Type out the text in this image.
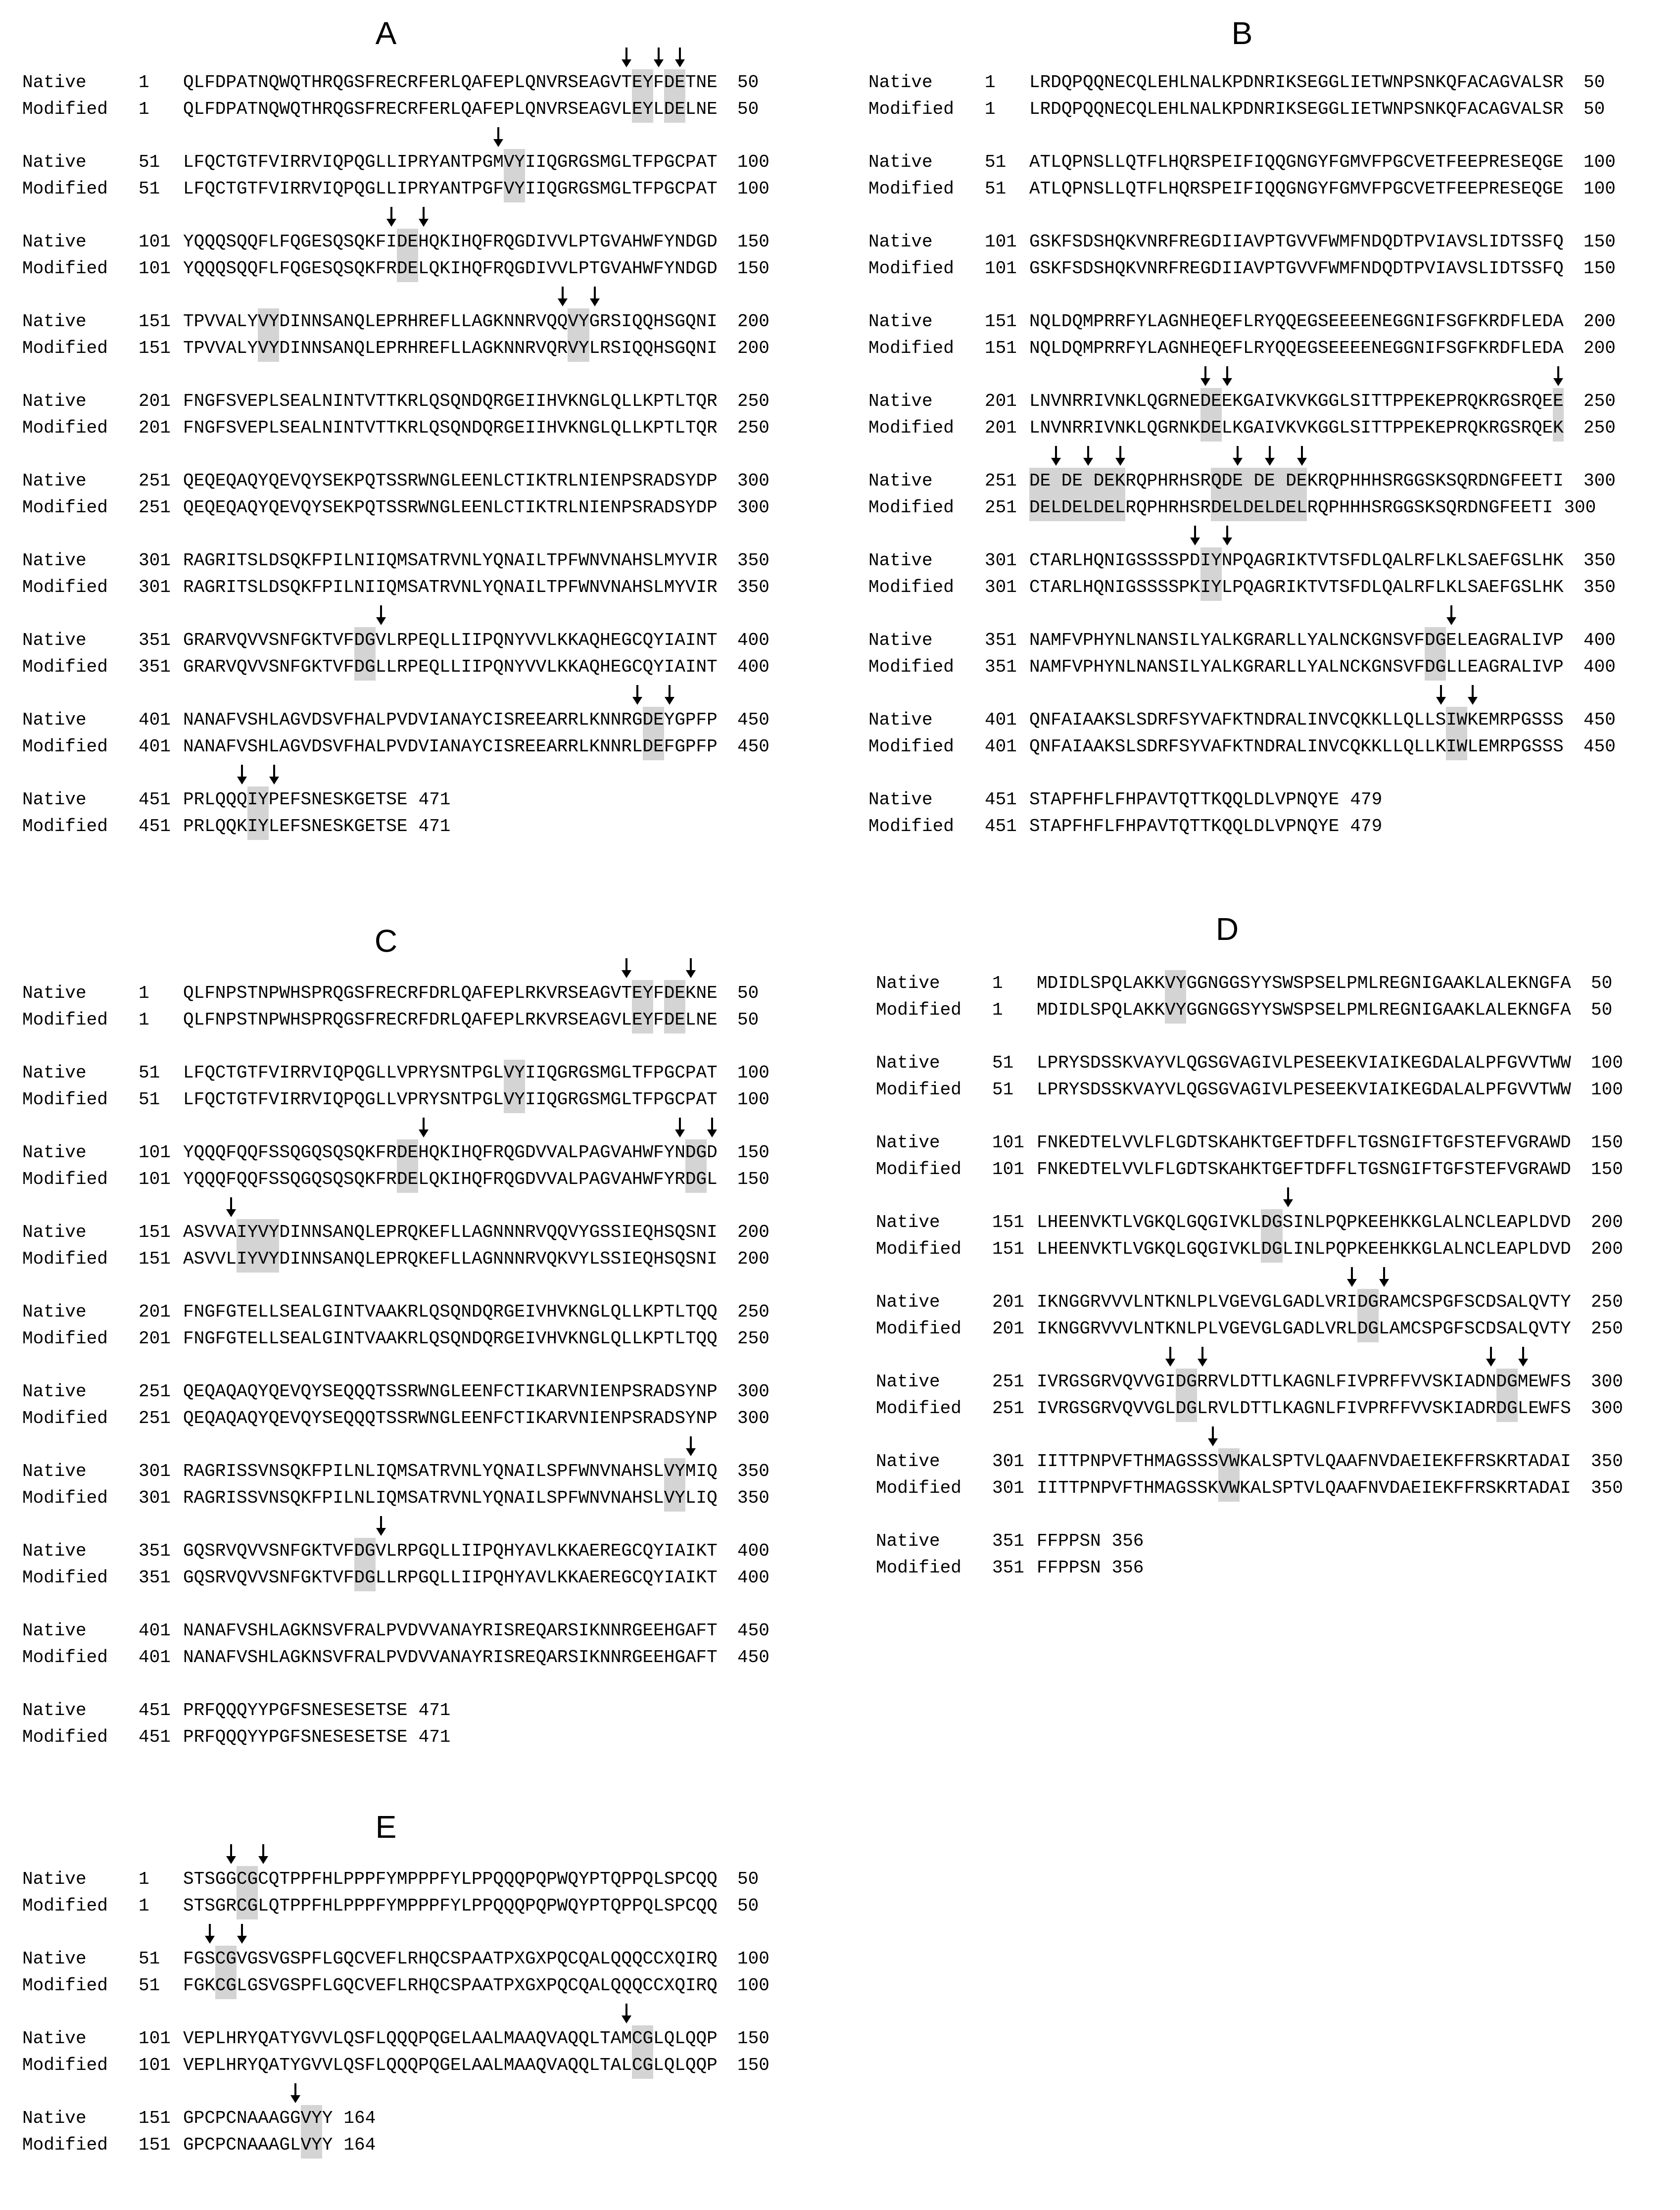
A
Native	1 QLFDPATNQWQTHRQGSFRECRFERLQAFEPLQNVRSEAGVTEYFDETNE 50
Modified 1 QLFDPATNQWQTHRQGSFRECRFERLQAFEPLQNVRSEAGVLEYLDELNE 50
Native	51 LFQCTGTFVIRRVIQPQGLLIPRYANTPGMVYIIQGRGSMGLTFPGCPAT 100
Modified 51 LFQCTGTFVIRRVIQPQGLLIPRYANTPGFVYIIQGRGSMGLTFPGCPAT 100
Native	101 YQQQSQQFLFQGESQSQKFIDEHQKIHQFRQGDIVVLPTGVAHWFYNDGD 150
Modified 101 YQQQSQQFLFQGESQSQKFRDELQKIHQFRQGDIVVLPTGVAHWFYNDGD 150
Native	151 TPVVALYVYDINNSANQLEPRHREFLLAGKNNRVQQVYGRSIQQHSGQNI 200
Modified 151 TPVVALYVYDINNSANQLEPRHREFLLAGKNNRVQRVYLRSIQQHSGQNI 200
Native	201 FNGFSVEPLSEALNINTVTTKRLQSQNDQRGEIIHVKNGLQLLKPTLTQR 250
Modified 201 FNGFSVEPLSEALNINTVTTKRLQSQNDQRGEIIHVKNGLQLLKPTLTQR 250
Native	251 QEQEQAQYQEVQYSEKPQTSSRWNGLEENLCTIKTRLNIENPSRADSYDP 300
Modified 251 QEQEQAQYQEVQYSEKPQTSSRWNGLEENLCTIKTRLNIENPSRADSYDP 300
Native	301 RAGRITSLDSQKFPILNIIQMSATRVNLYQNAILTPFWNVNAHSLMYVIR 350
Modified 301 RAGRITSLDSQKFPILNIIQMSATRVNLYQNAILTPFWNVNAHSLMYVIR 350
Native	351 GRARVQVVSNFGKTVFDGVLRPEQLLIIPQNYVVLKKAQHEGCQYIAINT 400
Modified 351 GRARVQVVSNFGKTVFDGLLRPEQLLIIPQNYVVLKKAQHEGCQYIAINT 400
Native	401 NANAFVSHLAGVDSVFHALPVDVIANAYCISREEARRLKNNRGDEYGPFP 450
Modified 401 NANAFVSHLAGVDSVFHALPVDVIANAYCISREEARRLKNNRLDEFGPFP 450
Native	451 PRLQQQIYPEFSNESKGETSE 471
Modified 451 PRLQQKIYLEFSNESKGETSE 471
B
Native	1 LRDQPQQNECQLEHLNALKPDNRIKSEGGLIETWNPSNKQFACAGVALSR 50
Modified 1 LRDQPQQNECQLEHLNALKPDNRIKSEGGLIETWNPSNKQFACAGVALSR 50
Native	51 ATLQPNSLLQTFLHQRSPEIFIQQGNGYFGMVFPGCVETFEEPRESEQGE 100
Modified 51 ATLQPNSLLQTFLHQRSPEIFIQQGNGYFGMVFPGCVETFEEPRESEQGE 100
Native	101 GSKFSDSHQKVNRFREGDIIAVPTGVVFWMFNDQDTPVIAVSLIDTSSFQ 150
Modified 101 GSKFSDSHQKVNRFREGDIIAVPTGVVFWMFNDQDTPVIAVSLIDTSSFQ 150
Native	151 NQLDQMPRRFYLAGNHEQEFLRYQQEGSEEEENEGGNIFSGFKRDFLEDA 200
Modified 151 NQLDQMPRRFYLAGNHEQEFLRYQQEGSEEEENEGGNIFSGFKRDFLEDA 200
Native	201 LNVNRRIVNKLQGRNEDEEKGAIVKVKGGLSITTPPEKEPRQKRGSRQEE 250
Modified 201 LNVNRRIVNKLQGRNKDELKGAIVKVKGGLSITTPPEKEPRQKRGSRQEK 250
Native	251 DE DE DEKRQPHRHSRQDE DE DEKRQPHHHSRGGSKSQRDNGFEETI 300
Modified 251 DELDELDELRQPHRHSRDELDELDELRQPHHHSRGGSKSQRDNGFEETI 300
Native	301 CTARLHQNIGSSSSPDIYNPQAGRIKTVTSFDLQALRFLKLSAEFGSLHK 350
Modified 301 CTARLHQNIGSSSSPKIYLPQAGRIKTVTSFDLQALRFLKLSAEFGSLHK 350
Native	351 NAMFVPHYNLNANSILYALKGRARLLYALNCKGNSVFDGELEAGRALIVP 400
Modified 351 NAMFVPHYNLNANSILYALKGRARLLYALNCKGNSVFDGLLEAGRALIVP 400
Native	401 QNFAIAAKSLSDRFSYVAFKTNDRALINVCQKKLLQLLSIWKEMRPGSSS 450
Modified 401 QNFAIAAKSLSDRFSYVAFKTNDRALINVCQKKLLQLLKIWLEMRPGSSS 450
Native	451 STAPFHFLFHPAVTQTTKQQLDLVPNQYE 479
Modified 451 STAPFHFLFHPAVTQTTKQQLDLVPNQYE 479
C
Native	1 QLFNPSTNPWHSPRQGSFRECRFDRLQAFEPLRKVRSEAGVTEYFDEKNE 50
Modified 1 QLFNPSTNPWHSPRQGSFRECRFDRLQAFEPLRKVRSEAGVLEYFDELNE 50
Native	51 LFQCTGTFVIRRVIQPQGLLVPRYSNTPGLVYIIQGRGSMGLTFPGCPAT 100
Modified 51 LFQCTGTFVIRRVIQPQGLLVPRYSNTPGLVYIIQGRGSMGLTFPGCPAT 100
Native	101 YQQQFQQFSSQGQSQSQKFRDEHQKIHQFRQGDVVALPAGVAHWFYNDGD 150
Modified 101 YQQQFQQFSSQGQSQSQKFRDELQKIHQFRQGDVVALPAGVAHWFYRDGL 150
Native	151 ASVVAIYVYDINNSANQLEPRQKEFLLAGNNNRVQQVYGSSIEQHSQSNI 200
Modified 151 ASVVLIYVYDINNSANQLEPRQKEFLLAGNNNRVQKVYLSSIEQHSQSNI 200
Native	201 FNGFGTELLSEALGINTVAAKRLQSQNDQRGEIVHVKNGLQLLKPTLTQQ 250
Modified 201 FNGFGTELLSEALGINTVAAKRLQSQNDQRGEIVHVKNGLQLLKPTLTQQ 250
Native	251 QEQAQAQYQEVQYSEQQQTSSRWNGLEENFCTIKARVNIENPSRADSYNP 300
Modified 251 QEQAQAQYQEVQYSEQQQTSSRWNGLEENFCTIKARVNIENPSRADSYNP 300
Native	301 RAGRISSVNSQKFPILNLIQMSATRVNLYQNAILSPFWNVNAHSLVYMIQ 350
Modified 301 RAGRISSVNSQKFPILNLIQMSATRVNLYQNAILSPFWNVNAHSLVYLIQ 350
Native	351 GQSRVQVVSNFGKTVFDGVLRPGQLLIIPQHYAVLKKAEREGCQYIAIKT 400
Modified 351 GQSRVQVVSNFGKTVFDGLLRPGQLLIIPQHYAVLKKAEREGCQYIAIKT 400
Native	401 NANAFVSHLAGKNSVFRALPVDVVANAYRISREQARSIKNNRGEEHGAFT 450
Modified 401 NANAFVSHLAGKNSVFRALPVDVVANAYRISREQARSIKNNRGEEHGAFT 450
Native	451 PRFQQQYYPGFSNESESETSE 471
Modified 451 PRFQQQYYPGFSNESESETSE 471
D
Native	1 MDIDLSPQLAKKVYGGNGGSYYSWSPSELPMLREGNIGAAKLALEKNGFA 50
Modified 1 MDIDLSPQLAKKVYGGNGGSYYSWSPSELPMLREGNIGAAKLALEKNGFA 50
Native	51 LPRYSDSSKVAYVLQGSGVAGIVLPESEEKVIAIKEGDALALPFGVVTWW 100
Modified 51 LPRYSDSSKVAYVLQGSGVAGIVLPESEEKVIAIKEGDALALPFGVVTWW 100
Native	101 FNKEDTELVVLFLGDTSKAHKTGEFTDFFLTGSNGIFTGFSTEFVGRAWD 150
Modified 101 FNKEDTELVVLFLGDTSKAHKTGEFTDFFLTGSNGIFTGFSTEFVGRAWD 150
Native	151 LHEENVKTLVGKQLGQGIVKLDGSINLPQPKEEHKKGLALNCLEAPLDVD 200
Modified 151 LHEENVKTLVGKQLGQGIVKLDGLINLPQPKEEHKKGLALNCLEAPLDVD 200
Native	201 IKNGGRVVVLNTKNLPLVGEVGLGADLVRIDGRAMCSPGFSCDSALQVTY 250
Modified 201 IKNGGRVVVLNTKNLPLVGEVGLGADLVRLDGLAMCSPGFSCDSALQVTY 250
Native	251 IVRGSGRVQVVGIDGRRVLDTTLKAGNLFIVPRFFVVSKIADNDGMEWFS 300
Modified 251 IVRGSGRVQVVGLDGLRVLDTTLKAGNLFIVPRFFVVSKIADRDGLEWFS 300
Native	301 IITTPNPVFTHMAGSSSVWKALSPTVLQAAFNVDAEIEKFFRSKRTADAI 350
Modified 301 IITTPNPVFTHMAGSSKVWKALSPTVLQAAFNVDAEIEKFFRSKRTADAI 350
Native	351 FFPPSN 356
Modified 351 FFPPSN 356
E
Native	1 STSGGCGCQTPPFHLPPPFYMPPPFYLPPQQQPQPWQYPTQPPQLSPCQQ 50
Modified 1 STSGRCGLQTPPFHLPPPFYMPPPFYLPPQQQPQPWQYPTQPPQLSPCQQ 50
Native	51 FGSCGVGSVGSPFLGQCVEFLRHQCSPAATPXGXPQCQALQQQCCXQIRQ 100
Modified 51 FGKCGLGSVGSPFLGQCVEFLRHQCSPAATPXGXPQCQALQQQCCXQIRQ 100
Native	101 VEPLHRYQATYGVVLQSFLQQQPQGELAALMAAQVAQQLTAMCGLQLQQP 150
Modified 101 VEPLHRYQATYGVVLQSFLQQQPQGELAALMAAQVAQQLTALCGLQLQQP 150
Native	151 GPCPCNAAAGGVYY 164
Modified 151 GPCPCNAAAGLVYY 164
